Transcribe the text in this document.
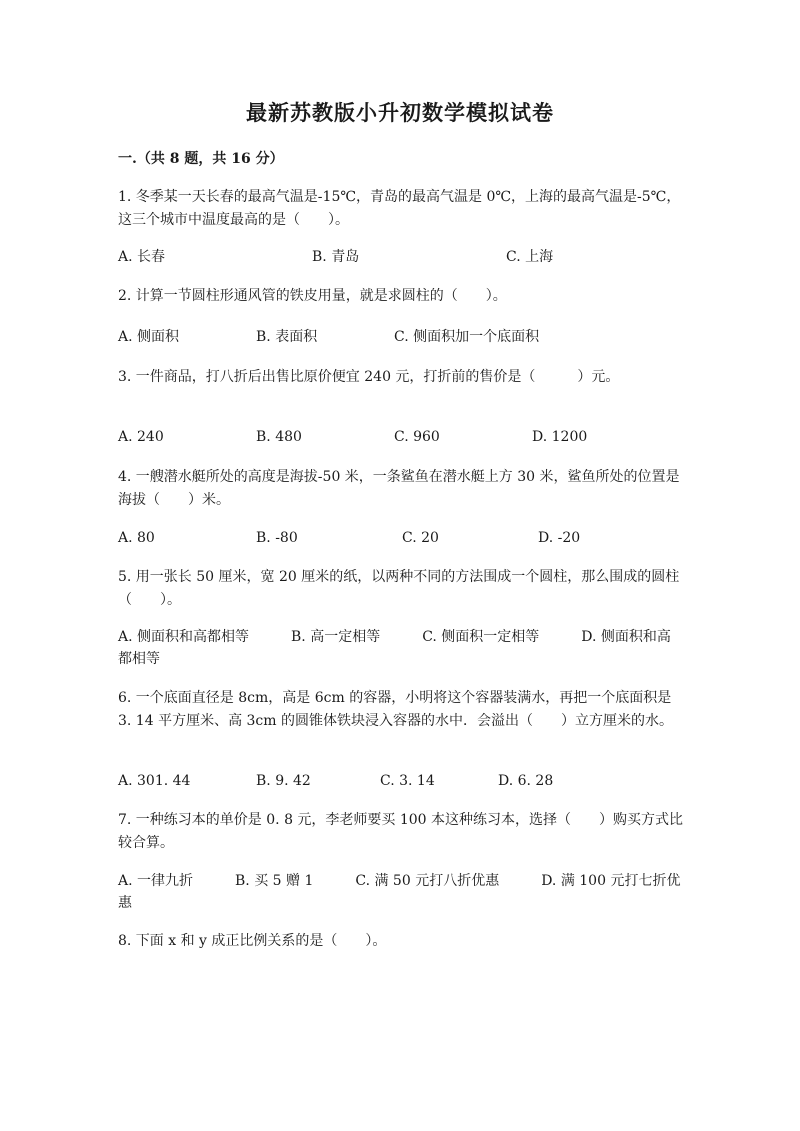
最新苏教版小升初数学模拟试卷
一.（共 8 题，共 16 分）
1. 冬季某一天长春的最高气温是-15℃，青岛的最高气温是 0℃，上海的最高气温是-5℃，这三个城市中温度最高的是（　　）。
A. 长春	B. 青岛	C. 上海
2. 计算一节圆柱形通风管的铁皮用量，就是求圆柱的（　　）。
A. 侧面积	B. 表面积	C. 侧面积加一个底面积
3. 一件商品，打八折后出售比原价便宜 240 元，打折前的售价是（　　　）元。
A. 240	B. 480	C. 960	D. 1200
4. 一艘潜水艇所处的高度是海拔-50 米，一条鲨鱼在潜水艇上方 30 米，鲨鱼所处的位置是海拔（　　）米。
A. 80	B. -80	C. 20	D. -20
5. 用一张长 50 厘米，宽 20 厘米的纸，以两种不同的方法围成一个圆柱，那么围成的圆柱（　　）。
A. 侧面积和高都相等　　　B. 高一定相等　　　C. 侧面积一定相等　　　D. 侧面积和高都相等
6. 一个底面直径是 8cm，高是 6cm 的容器，小明将这个容器装满水，再把一个底面积是 3. 14 平方厘米、高 3cm 的圆锥体铁块浸入容器的水中．会溢出（　　）立方厘米的水。
A. 301. 44	B. 9. 42	C. 3. 14	D. 6. 28
7. 一种练习本的单价是 0. 8 元，李老师要买 100 本这种练习本，选择（　　）购买方式比较合算。
A. 一律九折　　　B. 买 5 赠 1　　　C. 满 50 元打八折优惠　　　D. 满 100 元打七折优惠
8. 下面 x 和 y 成正比例关系的是（　　）。
